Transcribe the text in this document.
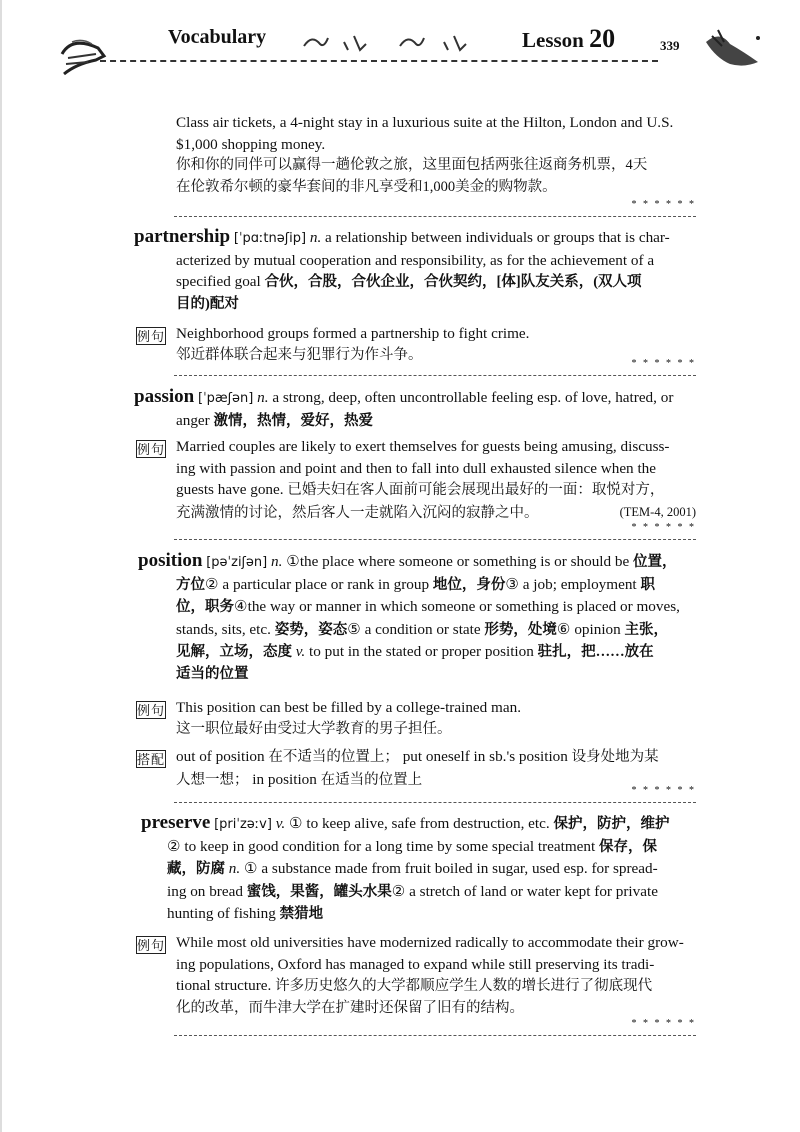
Vocabulary	Lesson 20	339
Class air tickets, a 4-night stay in a luxurious suite at the Hilton, London and U.S.
$1,000 shopping money.
你和你的同伴可以赢得一趟伦敦之旅，这里面包括两张往返商务机票，4天
在伦敦希尔顿的豪华套间的非凡享受和1,000美金的购物款。
* * * * * *
partnership [ˈpɑːtnəʃip] n. a relationship between individuals or groups that is char-
acterized by mutual cooperation and responsibility, as for the achievement of a
specified goal 合伙，合股，合伙企业，合伙契约，[体]队友关系，(双人项
目的)配对
例句 Neighborhood groups formed a partnership to fight crime.
邻近群体联合起来与犯罪行为作斗争。
* * * * * *
passion [ˈpæʃən] n. a strong, deep, often uncontrollable feeling esp. of love, hatred, or
anger 激情，热情，爱好，热爱
例句 Married couples are likely to exert themselves for guests being amusing, discuss-
ing with passion and point and then to fall into dull exhausted silence when the
guests have gone. 已婚夫妇在客人面前可能会展现出最好的一面：取悦对方，
充满激情的讨论，然后客人一走就陷入沉闷的寂静之中。	(TEM-4, 2001)
* * * * * *
position [pəˈziʃən] n. ①the place where someone or something is or should be 位置，
方位② a particular place or rank in group 地位，身份③ a job; employment 职
位，职务④the way or manner in which someone or something is placed or moves,
stands, sits, etc. 姿势，姿态⑤ a condition or state 形势，处境⑥ opinion 主张，
见解，立场，态度 v. to put in the stated or proper position 驻扎，把……放在
适当的位置
例句 This position can best be filled by a college-trained man.
这一职位最好由受过大学教育的男子担任。
搭配 out of position 在不适当的位置上； put oneself in sb.'s position 设身处地为某
人想一想； in position 在适当的位置上
* * * * * *
preserve [priˈzəːv] v. ① to keep alive, safe from destruction, etc. 保护，防护，维护
② to keep in good condition for a long time by some special treatment 保存，保
藏，防腐 n. ① a substance made from fruit boiled in sugar, used esp. for spread-
ing on bread 蜜饯，果酱，罐头水果② a stretch of land or water kept for private
hunting of fishing 禁猎地
例句 While most old universities have modernized radically to accommodate their grow-
ing populations, Oxford has managed to expand while still preserving its tradi-
tional structure. 许多历史悠久的大学都顺应学生人数的增长进行了彻底现代
化的改革，而牛津大学在扩建时还保留了旧有的结构。
* * * * * *
